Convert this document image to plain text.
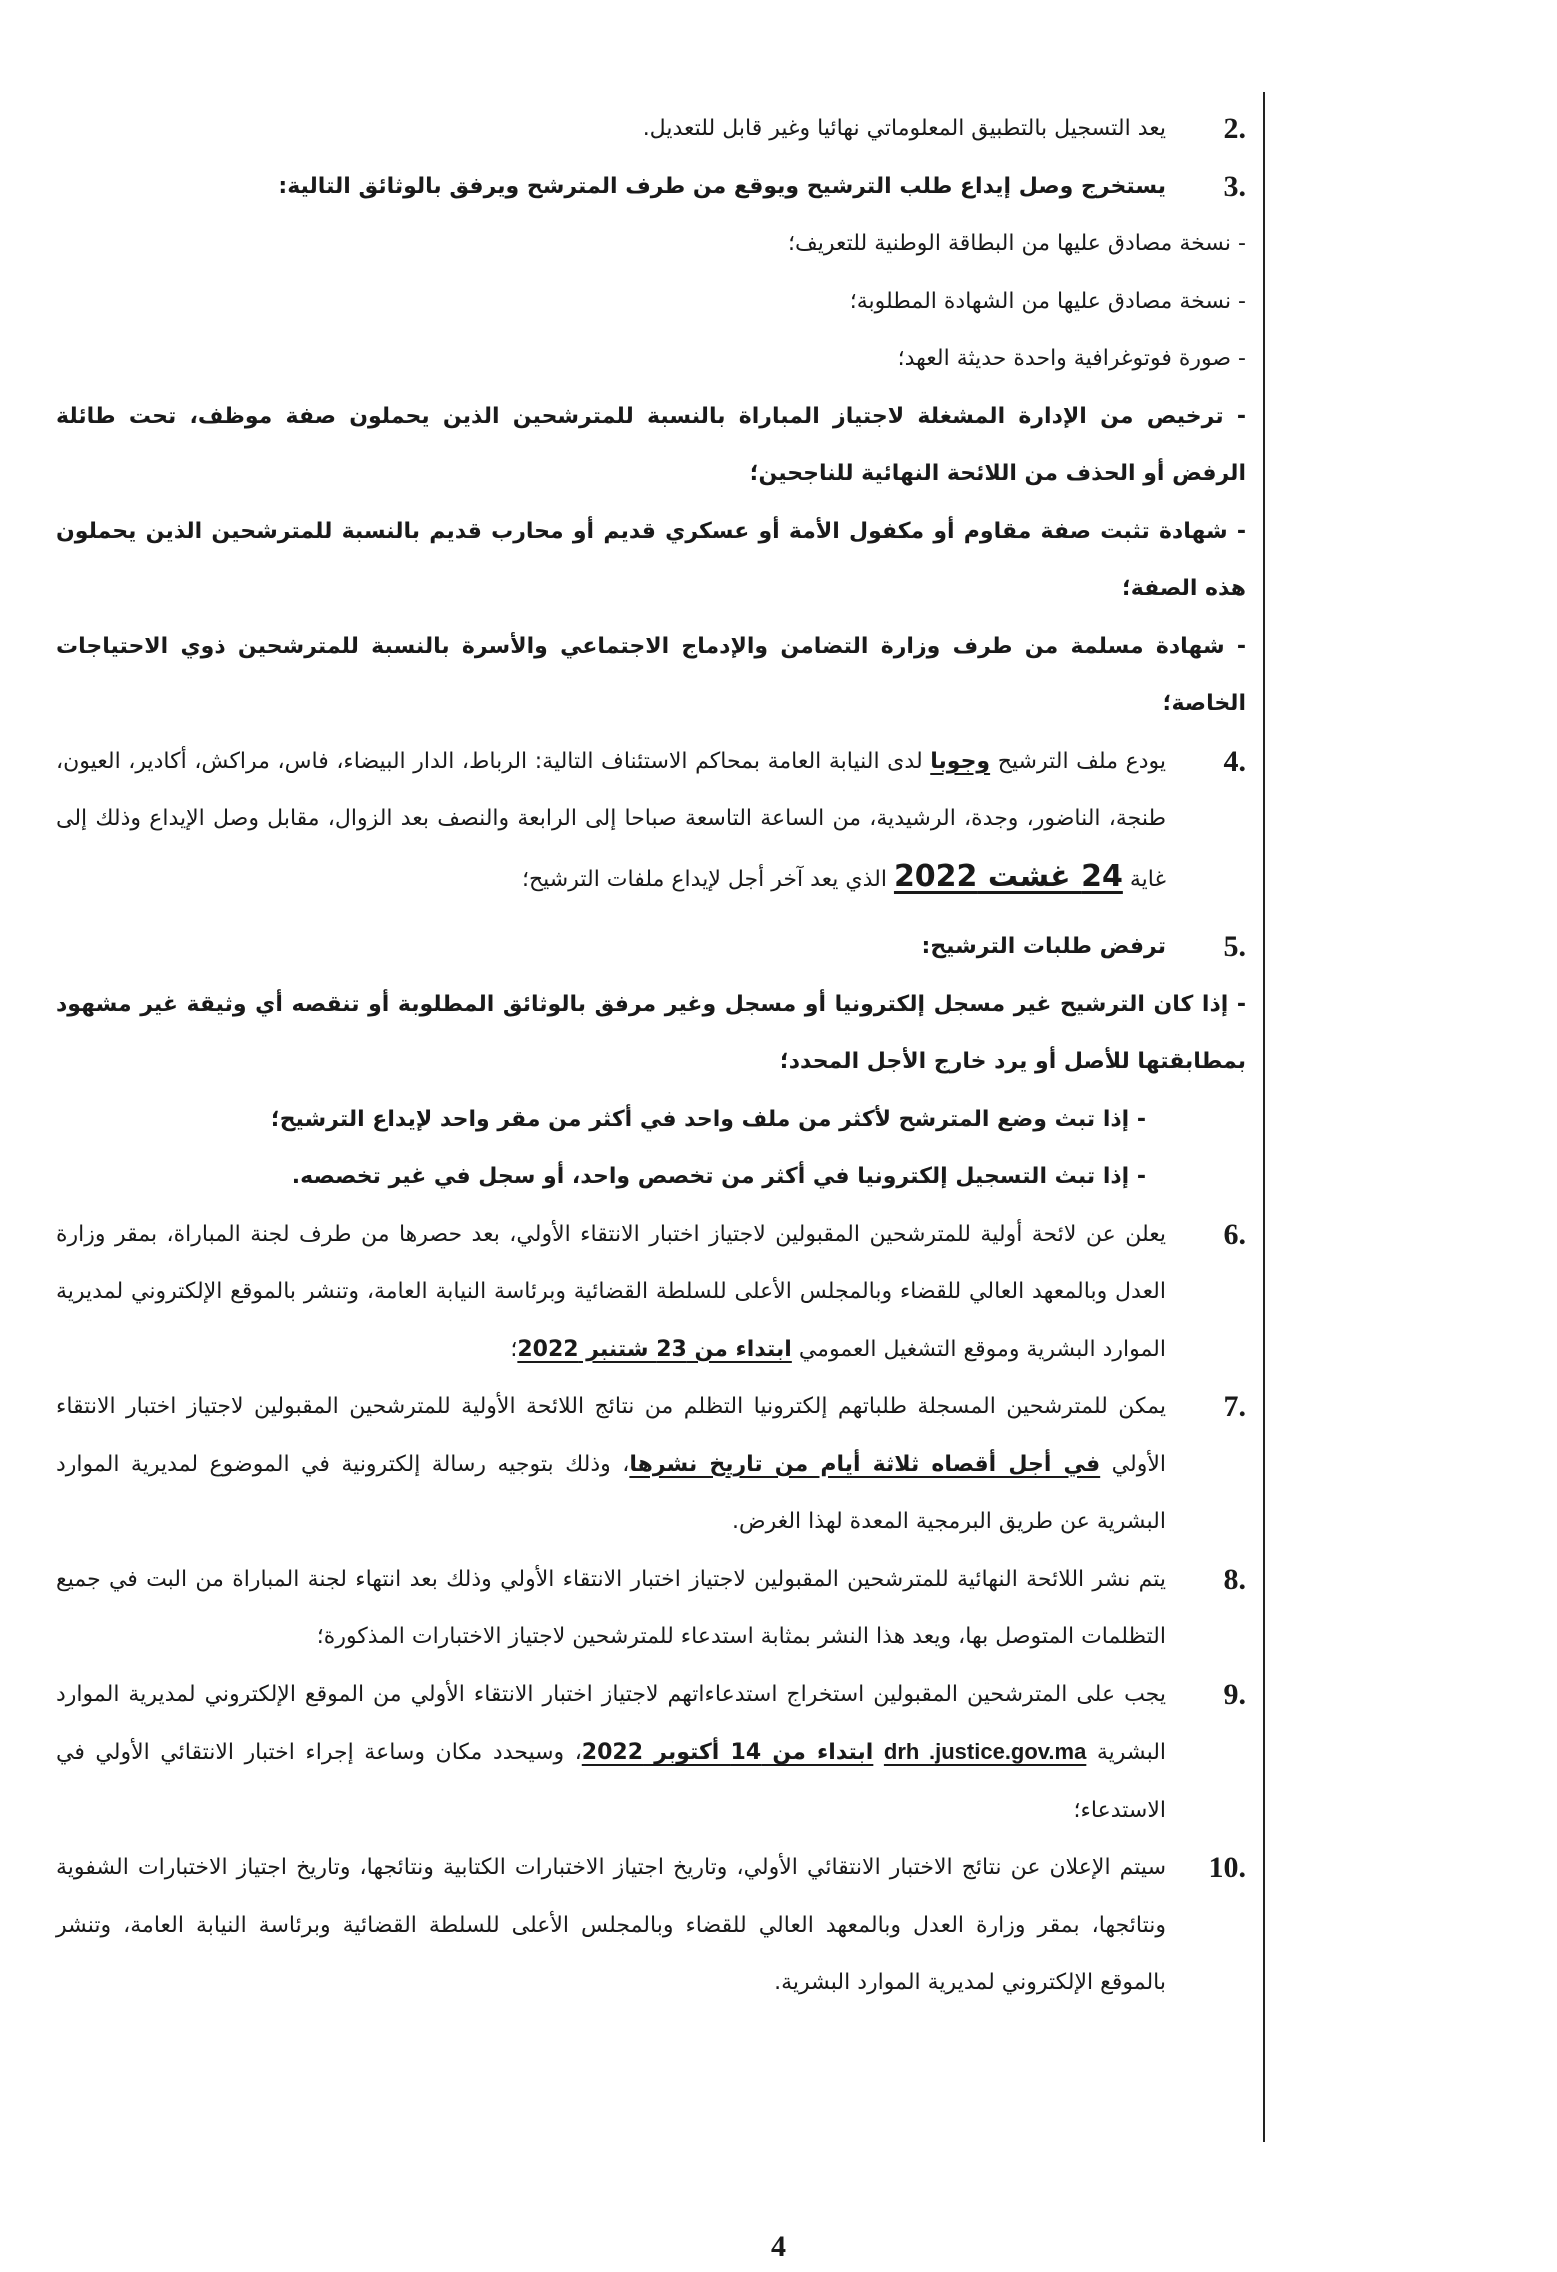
2.
يعد التسجيل بالتطبيق المعلوماتي نهائيا وغير قابل للتعديل.
3.
يستخرج وصل إيداع طلب الترشيح ويوقع من طرف المترشح ويرفق بالوثائق التالية:
- نسخة مصادق عليها من البطاقة الوطنية للتعريف؛
- نسخة مصادق عليها من الشهادة المطلوبة؛
- صورة فوتوغرافية واحدة حديثة العهد؛
- ترخيص من الإدارة المشغلة لاجتياز المباراة بالنسبة للمترشحين الذين يحملون صفة موظف، تحت طائلة الرفض أو الحذف من اللائحة النهائية للناجحين؛
- شهادة تثبت صفة مقاوم أو مكفول الأمة أو عسكري قديم أو محارب قديم بالنسبة للمترشحين الذين يحملون هذه الصفة؛
- شهادة مسلمة من طرف وزارة التضامن والإدماج الاجتماعي والأسرة بالنسبة للمترشحين ذوي الاحتياجات الخاصة؛
4.
يودع ملف الترشيح وجوبا لدى النيابة العامة بمحاكم الاستئناف التالية: الرباط، الدار البيضاء، فاس، مراكش، أكادير، العيون، طنجة، الناضور، وجدة، الرشيدية، من الساعة التاسعة صباحا إلى الرابعة والنصف بعد الزوال، مقابل وصل الإيداع وذلك إلى غاية 24 غشت 2022 الذي يعد آخر أجل لإيداع ملفات الترشيح؛
5.
ترفض طلبات الترشيح:
- إذا كان الترشيح غير مسجل إلكترونيا أو مسجل وغير مرفق بالوثائق المطلوبة أو تنقصه أي وثيقة غير مشهود بمطابقتها للأصل أو يرد خارج الأجل المحدد؛
- إذا تبث وضع المترشح لأكثر من ملف واحد في أكثر من مقر واحد لإيداع الترشيح؛
- إذا تبث التسجيل إلكترونيا في أكثر من تخصص واحد، أو سجل في غير تخصصه.
6.
يعلن عن لائحة أولية للمترشحين المقبولين لاجتياز اختبار الانتقاء الأولي، بعد حصرها من طرف لجنة المباراة، بمقر وزارة العدل وبالمعهد العالي للقضاء وبالمجلس الأعلى للسلطة القضائية وبرئاسة النيابة العامة، وتنشر بالموقع الإلكتروني لمديرية الموارد البشرية وموقع التشغيل العمومي ابتداء من 23 شتنبر 2022؛
7.
يمكن للمترشحين المسجلة طلباتهم إلكترونيا التظلم من نتائج اللائحة الأولية للمترشحين المقبولين لاجتياز اختبار الانتقاء الأولي في أجل أقصاه ثلاثة أيام من تاريخ نشرها، وذلك بتوجيه رسالة إلكترونية في الموضوع لمديرية الموارد البشرية عن طريق البرمجية المعدة لهذا الغرض.
8.
يتم نشر اللائحة النهائية للمترشحين المقبولين لاجتياز اختبار الانتقاء الأولي وذلك بعد انتهاء لجنة المباراة من البت في جميع التظلمات المتوصل بها، ويعد هذا النشر بمثابة استدعاء للمترشحين لاجتياز الاختبارات المذكورة؛
9.
يجب على المترشحين المقبولين استخراج استدعاءاتهم لاجتياز اختبار الانتقاء الأولي من الموقع الإلكتروني لمديرية الموارد البشرية drh .justice.gov.ma ابتداء من 14 أكتوبر 2022، وسيحدد مكان وساعة إجراء اختبار الانتقائي الأولي في الاستدعاء؛
10.
سيتم الإعلان عن نتائج الاختبار الانتقائي الأولي، وتاريخ اجتياز الاختبارات الكتابية ونتائجها، وتاريخ اجتياز الاختبارات الشفوية ونتائجها، بمقر وزارة العدل وبالمعهد العالي للقضاء وبالمجلس الأعلى للسلطة القضائية وبرئاسة النيابة العامة، وتنشر بالموقع الإلكتروني لمديرية الموارد البشرية.
4
